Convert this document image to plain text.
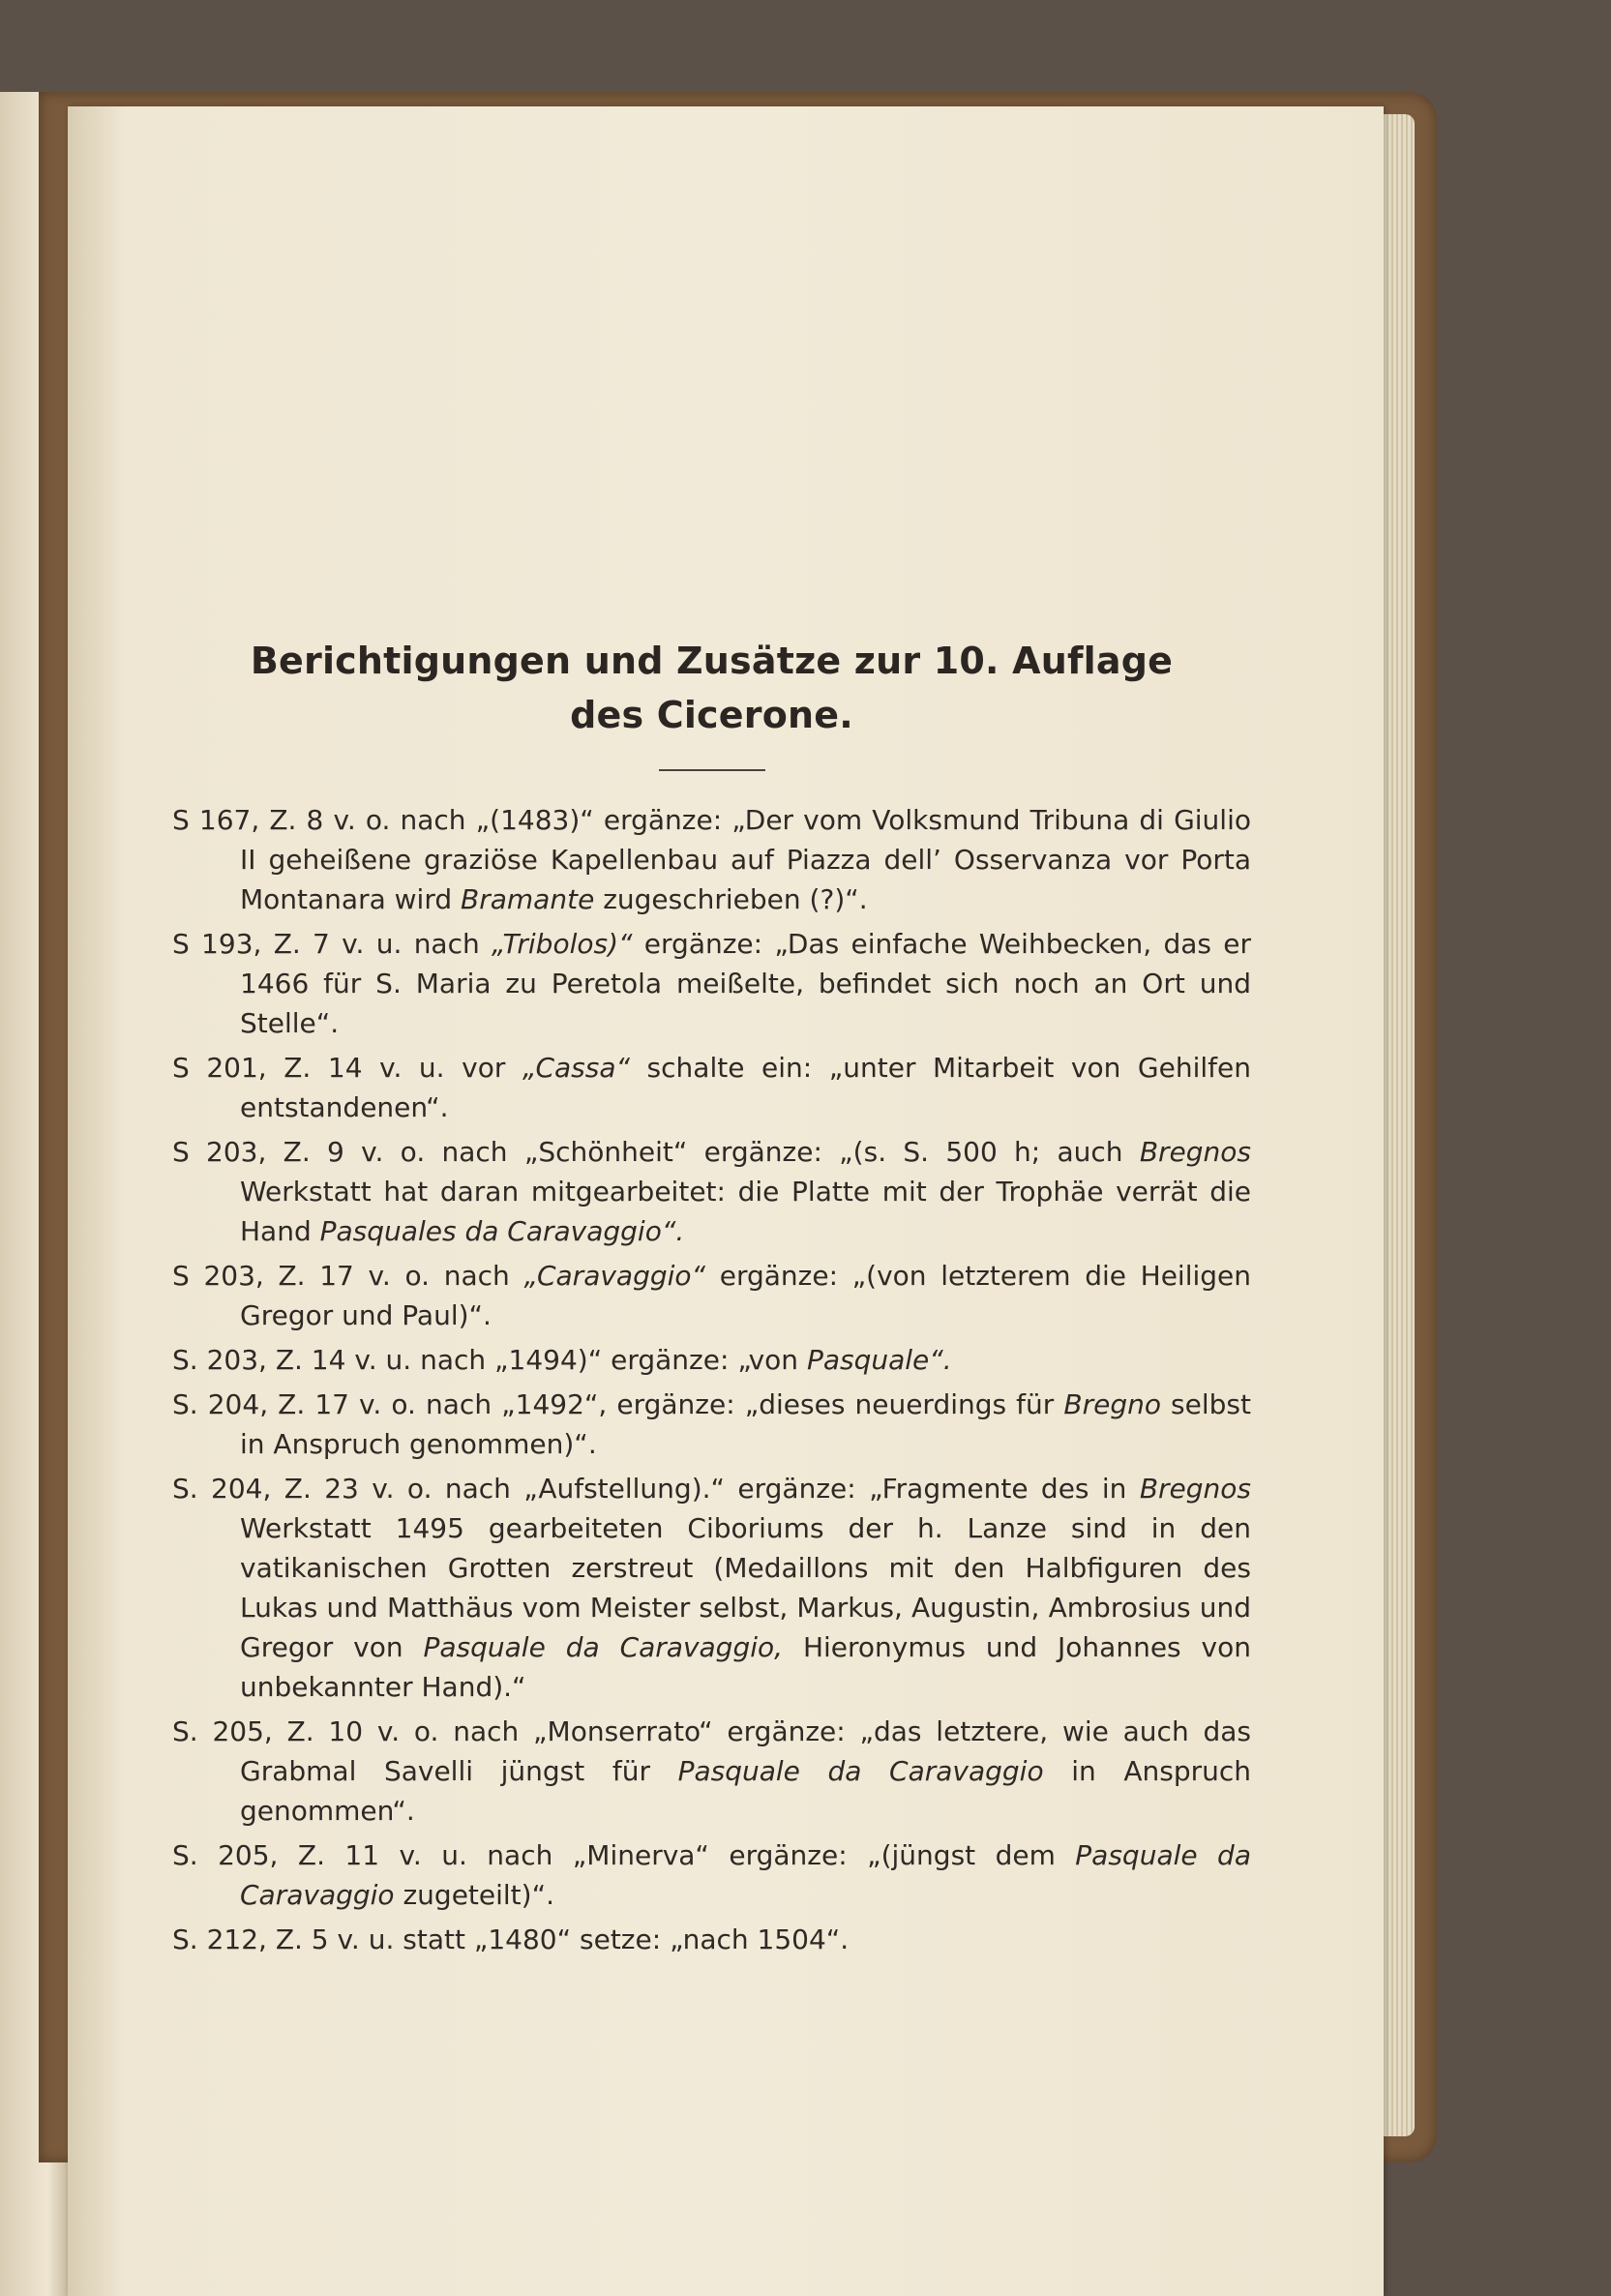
Berichtigungen und Zusätze zur 10. Auflage
des Cicerone.

S 167, Z. 8 v. o. nach „(1483)“ ergänze: „Der vom Volksmund Tribuna di Giulio II geheißene graziöse Kapellenbau auf Piazza dell’ Osservanza vor Porta Montanara wird Bramante zugeschrieben (?)“.

S 193, Z. 7 v. u. nach „Tribolos)“ ergänze: „Das einfache Weihbecken, das er 1466 für S. Maria zu Peretola meißelte, befindet sich noch an Ort und Stelle“.

S 201, Z. 14 v. u. vor „Cassa“ schalte ein: „unter Mitarbeit von Gehilfen entstandenen“.

S 203, Z. 9 v. o. nach „Schönheit“ ergänze: „(s. S. 500 h; auch Bregnos Werkstatt hat daran mitgearbeitet: die Platte mit der Trophäe verrät die Hand Pasquales da Caravaggio“.

S 203, Z. 17 v. o. nach „Caravaggio“ ergänze: „(von letzterem die Heiligen Gregor und Paul)“.

S. 203, Z. 14 v. u. nach „1494)“ ergänze: „von Pasquale“.

S. 204, Z. 17 v. o. nach „1492“, ergänze: „dieses neuerdings für Bregno selbst in Anspruch genommen)“.

S. 204, Z. 23 v. o. nach „Aufstellung).“ ergänze: „Fragmente des in Bregnos Werkstatt 1495 gearbeiteten Ciboriums der h. Lanze sind in den vatikanischen Grotten zerstreut (Medaillons mit den Halbfiguren des Lukas und Matthäus vom Meister selbst, Markus, Augustin, Ambrosius und Gregor von Pasquale da Caravaggio, Hieronymus und Johannes von unbekannter Hand).“

S. 205, Z. 10 v. o. nach „Monserrato“ ergänze: „das letztere, wie auch das Grabmal Savelli jüngst für Pasquale da Caravaggio in Anspruch genommen“.

S. 205, Z. 11 v. u. nach „Minerva“ ergänze: „(jüngst dem Pasquale da Caravaggio zugeteilt)“.

S. 212, Z. 5 v. u. statt „1480“ setze: „nach 1504“.
